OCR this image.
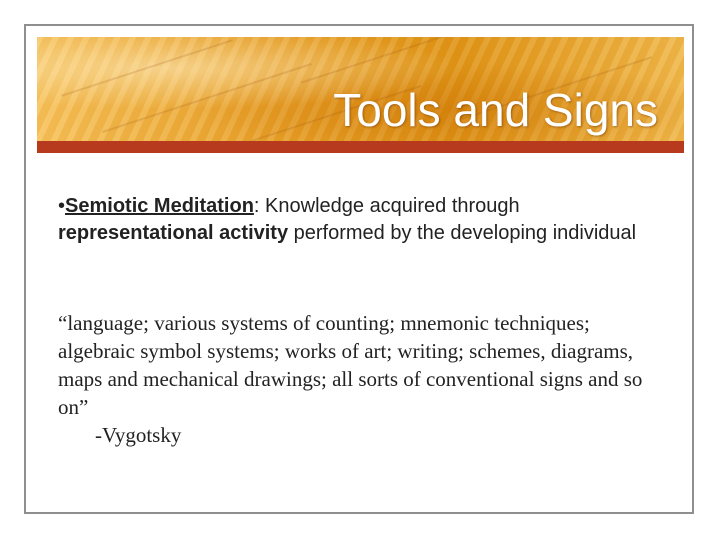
Tools and Signs
•Semiotic Meditation: Knowledge acquired through representational activity performed by the developing individual
“language; various systems of counting; mnemonic techniques; algebraic symbol systems; works of art; writing; schemes, diagrams, maps and mechanical drawings; all sorts of conventional signs and so on”
-Vygotsky
